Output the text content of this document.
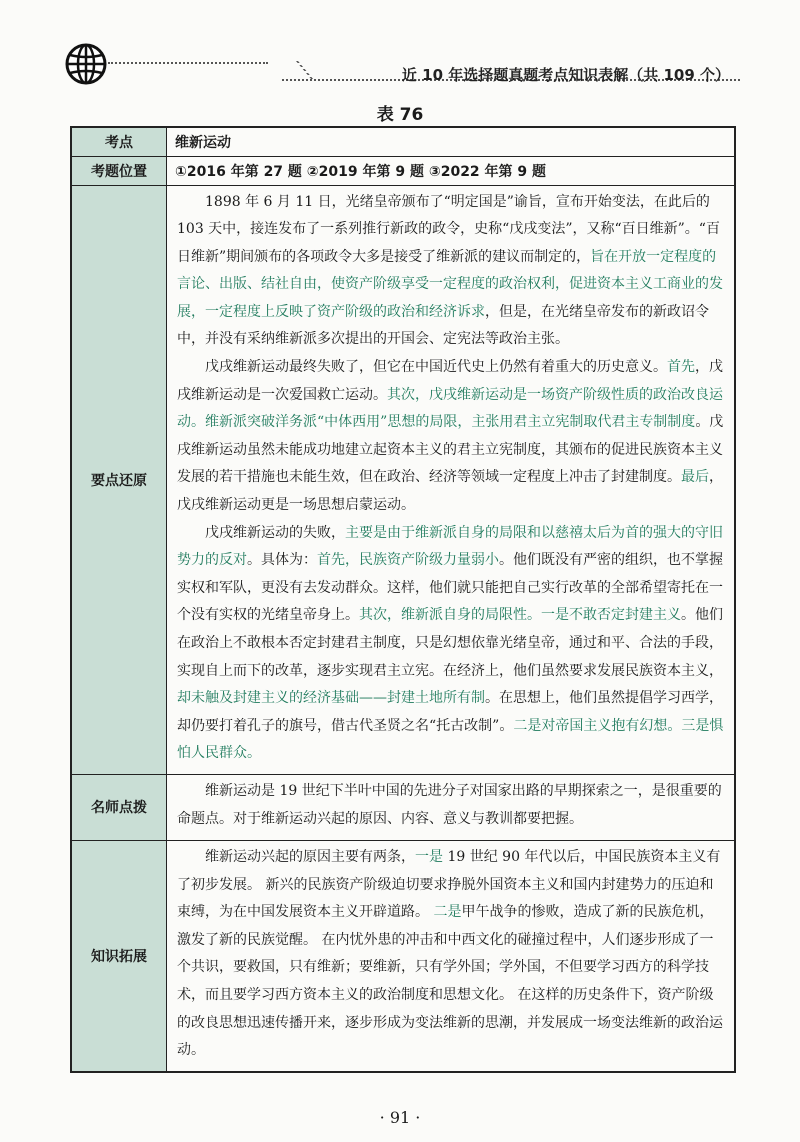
近 10 年选择题真题考点知识表解（共 109 个）
表 76
考点	维新运动
考题位置	①2016 年第 27 题 ②2019 年第 9 题 ③2022 年第 9 题
要点还原	1898 年 6 月 11 日，光绪皇帝颁布了“明定国是”谕旨，宣布开始变法，在此后的 103 天中，接连发布了一系列推行新政的政令，史称“戊戌变法”，又称“百日维新”。“百日维新”期间颁布的各项政令大多是接受了维新派的建议而制定的，旨在开放一定程度的言论、出版、结社自由，使资产阶级享受一定程度的政治权利，促进资本主义工商业的发展，一定程度上反映了资产阶级的政治和经济诉求，但是，在光绪皇帝发布的新政诏令中，并没有采纳维新派多次提出的开国会、定宪法等政治主张。

戊戌维新运动最终失败了，但它在中国近代史上仍然有着重大的历史意义。首先，戊戌维新运动是一次爱国救亡运动。其次，戊戌维新运动是一场资产阶级性质的政治改良运动。维新派突破洋务派“中体西用”思想的局限，主张用君主立宪制取代君主专制制度。戊戌维新运动虽然未能成功地建立起资本主义的君主立宪制度，其颁布的促进民族资本主义发展的若干措施也未能生效，但在政治、经济等领域一定程度上冲击了封建制度。最后，戊戌维新运动更是一场思想启蒙运动。

戊戌维新运动的失败，主要是由于维新派自身的局限和以慈禧太后为首的强大的守旧势力的反对。具体为：首先，民族资产阶级力量弱小。他们既没有严密的组织，也不掌握实权和军队，更没有去发动群众。这样，他们就只能把自己实行改革的全部希望寄托在一个没有实权的光绪皇帝身上。其次，维新派自身的局限性。一是不敢否定封建主义。他们在政治上不敢根本否定封建君主制度，只是幻想依靠光绪皇帝，通过和平、合法的手段，实现自上而下的改革，逐步实现君主立宪。在经济上，他们虽然要求发展民族资本主义，却未触及封建主义的经济基础——封建土地所有制。在思想上，他们虽然提倡学习西学，却仍要打着孔子的旗号，借古代圣贤之名“托古改制”。二是对帝国主义抱有幻想。三是惧怕人民群众。

名师点拨	维新运动是 19 世纪下半叶中国的先进分子对国家出路的早期探索之一，是很重要的命题点。对于维新运动兴起的原因、内容、意义与教训都要把握。

知识拓展	维新运动兴起的原因主要有两条，一是 19 世纪 90 年代以后，中国民族资本主义有了初步发展。 新兴的民族资产阶级迫切要求挣脱外国资本主义和国内封建势力的压迫和束缚，为在中国发展资本主义开辟道路。 二是甲午战争的惨败，造成了新的民族危机，激发了新的民族觉醒。 在内忧外患的冲击和中西文化的碰撞过程中，人们逐步形成了一个共识，要救国，只有维新；要维新，只有学外国；学外国，不但要学习西方的科学技术，而且要学习西方资本主义的政治制度和思想文化。 在这样的历史条件下，资产阶级的改良思想迅速传播开来，逐步形成为变法维新的思潮，并发展成一场变法维新的政治运动。

· 91 ·
